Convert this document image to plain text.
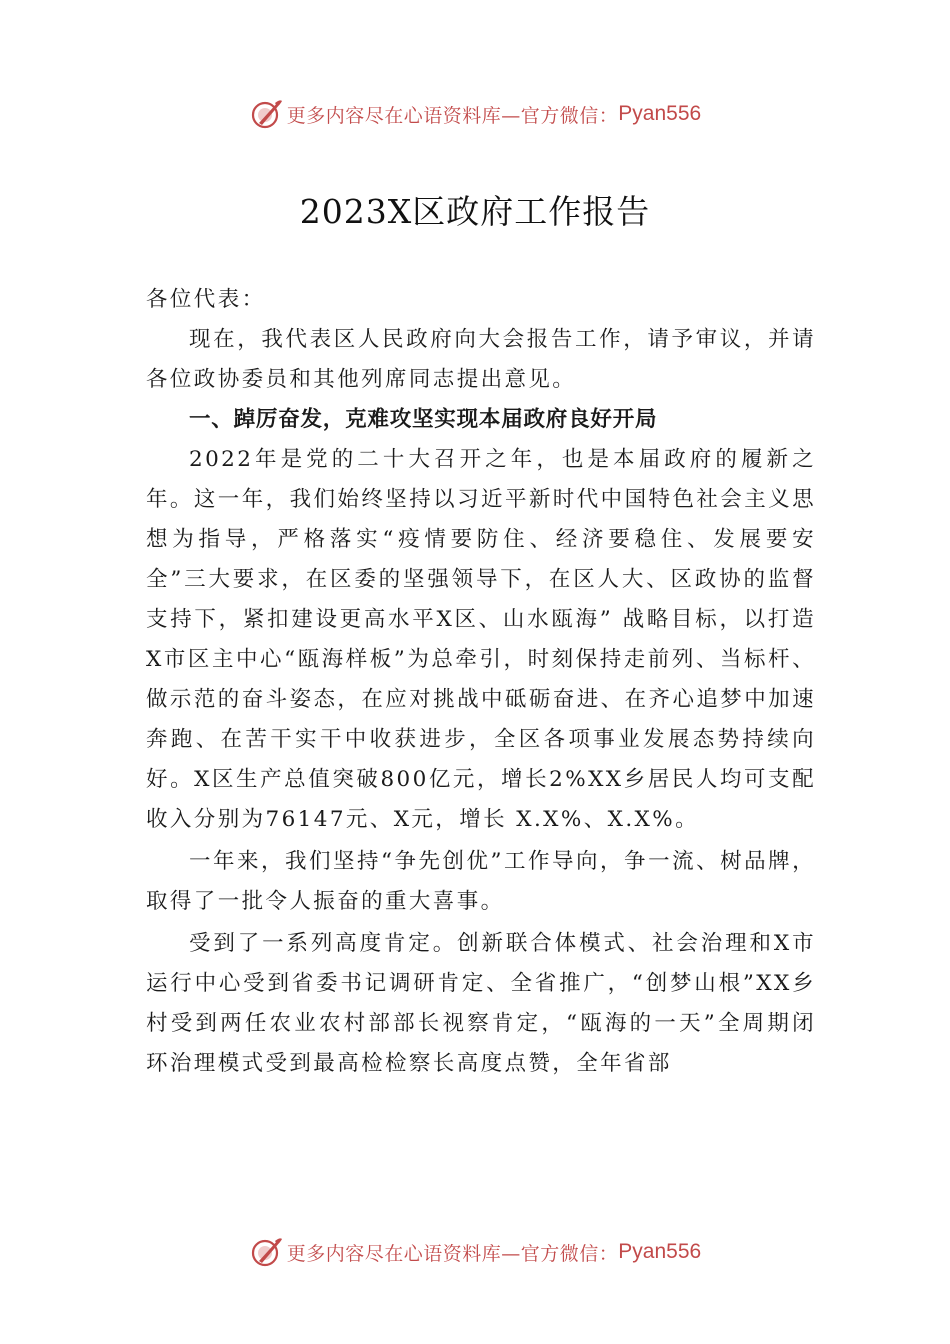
更多内容尽在心语资料库—官方微信： Pyan556
2023X区政府工作报告

各位代表：

现在，我代表区人民政府向大会报告工作，请予审议，并请各位政协委员和其他列席同志提出意见。

一、踔厉奋发，克难攻坚实现本届政府良好开局

2022年是党的二十大召开之年，也是本届政府的履新之年。这一年，我们始终坚持以习近平新时代中国特色社会主义思想为指导，严格落实“疫情要防住、经济要稳住、发展要安全”三大要求，在区委的坚强领导下，在区人大、区政协的监督支持下，紧扣建设更高水平X区、山水瓯海” 战略目标，以打造X市区主中心“瓯海样板”为总牵引，时刻保持走前列、当标杆、做示范的奋斗姿态，在应对挑战中砥砺奋进、在齐心追梦中加速奔跑、在苦干实干中收获进步，全区各项事业发展态势持续向好。X区生产总值突破800亿元，增长2%XX乡居民人均可支配收入分别为76147元、X元，增长 X.X%、X.X%。

一年来，我们坚持“争先创优”工作导向，争一流、树品牌，取得了一批令人振奋的重大喜事。

受到了一系列高度肯定。创新联合体模式、社会治理和X市运行中心受到省委书记调研肯定、全省推广，“创梦山根”XX乡村受到两任农业农村部部长视察肯定，“瓯海的一天”全周期闭环治理模式受到最高检检察长高度点赞，全年省部

更多内容尽在心语资料库—官方微信： Pyan556
